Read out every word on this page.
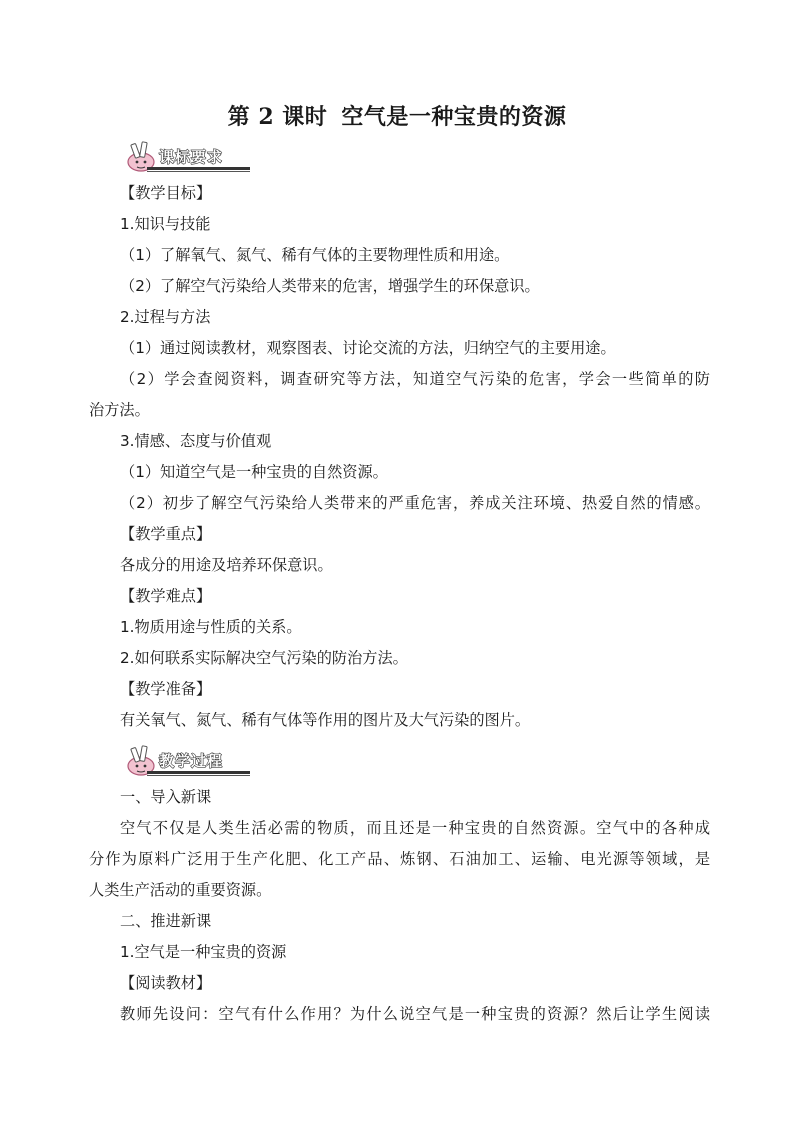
第 2 课时 空气是一种宝贵的资源
课标要求
【教学目标】
1.知识与技能
（1）了解氧气、氮气、稀有气体的主要物理性质和用途。
（2）了解空气污染给人类带来的危害，增强学生的环保意识。
2.过程与方法
（1）通过阅读教材，观察图表、讨论交流的方法，归纳空气的主要用途。
（2）学会查阅资料，调查研究等方法，知道空气污染的危害，学会一些简单的防
治方法。
3.情感、态度与价值观
（1）知道空气是一种宝贵的自然资源。
（2）初步了解空气污染给人类带来的严重危害，养成关注环境、热爱自然的情感。
【教学重点】
各成分的用途及培养环保意识。
【教学难点】
1.物质用途与性质的关系。
2.如何联系实际解决空气污染的防治方法。
【教学准备】
有关氧气、氮气、稀有气体等作用的图片及大气污染的图片。
教学过程
一、导入新课
空气不仅是人类生活必需的物质，而且还是一种宝贵的自然资源。空气中的各种成
分作为原料广泛用于生产化肥、化工产品、炼钢、石油加工、运输、电光源等领域，是
人类生产活动的重要资源。
二、推进新课
1.空气是一种宝贵的资源
【阅读教材】
教师先设问：空气有什么作用？为什么说空气是一种宝贵的资源？然后让学生阅读
